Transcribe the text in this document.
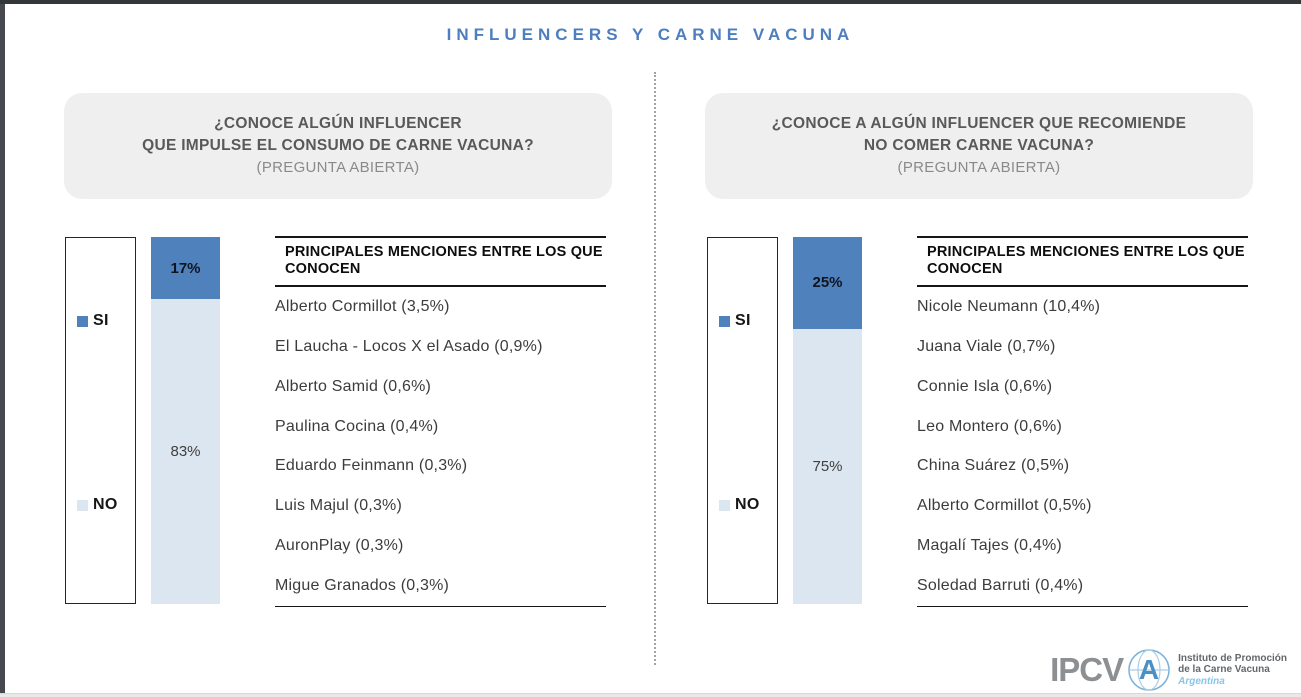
INFLUENCERS Y CARNE VACUNA
¿CONOCE ALGÚN INFLUENCER
QUE IMPULSE EL CONSUMO DE CARNE VACUNA?
(PREGUNTA ABIERTA)
SI
NO
17%
83%
PRINCIPALES MENCIONES ENTRE LOS QUE CONOCEN
Alberto Cormillot (3,5%)
El Laucha - Locos X el Asado (0,9%)
Alberto Samid (0,6%)
Paulina Cocina (0,4%)
Eduardo Feinmann (0,3%)
Luis Majul (0,3%)
AuronPlay (0,3%)
Migue Granados (0,3%)
¿CONOCE A ALGÚN INFLUENCER QUE RECOMIENDE
NO COMER CARNE VACUNA?
(PREGUNTA ABIERTA)
SI
NO
25%
75%
PRINCIPALES MENCIONES ENTRE LOS QUE CONOCEN
Nicole Neumann (10,4%)
Juana Viale (0,7%)
Connie Isla (0,6%)
Leo Montero (0,6%)
China Suárez (0,5%)
Alberto Cormillot (0,5%)
Magalí Tajes (0,4%)
Soledad Barruti (0,4%)
IPCV A Instituto de Promoción
de la Carne Vacuna
Argentina
